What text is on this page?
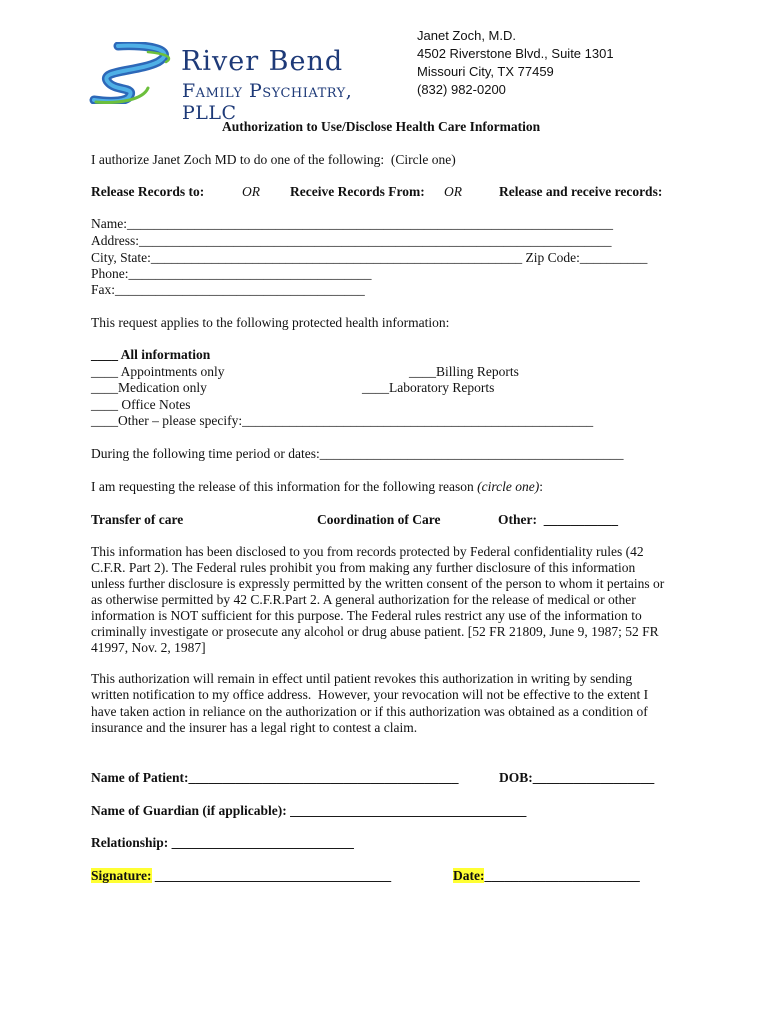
River Bend
Family Psychiatry, PLLC
Janet Zoch, M.D.
4502 Riverstone Blvd., Suite 1301
Missouri City, TX 77459
(832) 982-0200
Authorization to Use/Disclose Health Care Information
I authorize Janet Zoch MD to do one of the following:  (Circle one)
Release Records to:	OR Receive Records From: OR	Release and receive records:
Name:________________________________________________________________________
Address:______________________________________________________________________
City, State:_______________________________________________________ Zip Code:__________
Phone:____________________________________
Fax:_____________________________________
This request applies to the following protected health information:
____ All information
____ Appointments only
____Medication only
____ Office Notes
____Other – please specify:____________________________________________________
____Billing Reports
____Laboratory Reports
During the following time period or dates:_____________________________________________
I am requesting the release of this information for the following reason (circle one):
Transfer of care	Coordination of Care	Other:  ___________
This information has been disclosed to you from records protected by Federal confidentiality rules (42
C.F.R. Part 2). The Federal rules prohibit you from making any further disclosure of this information
unless further disclosure is expressly permitted by the written consent of the person to whom it pertains or
as otherwise permitted by 42 C.F.R.Part 2. A general authorization for the release of medical or other
information is NOT sufficient for this purpose. The Federal rules restrict any use of the information to
criminally investigate or prosecute any alcohol or drug abuse patient. [52 FR 21809, June 9, 1987; 52 FR
41997, Nov. 2, 1987]
This authorization will remain in effect until patient revokes this authorization in writing by sending
written notification to my office address.  However, your revocation will not be effective to the extent I
have taken action in reliance on the authorization or if this authorization was obtained as a condition of
insurance and the insurer has a legal right to contest a claim.
Name of Patient:________________________________________	DOB:__________________
Name of Guardian (if applicable): ___________________________________
Relationship: ___________________________
Signature: ___________________________________	Date:_______________________
